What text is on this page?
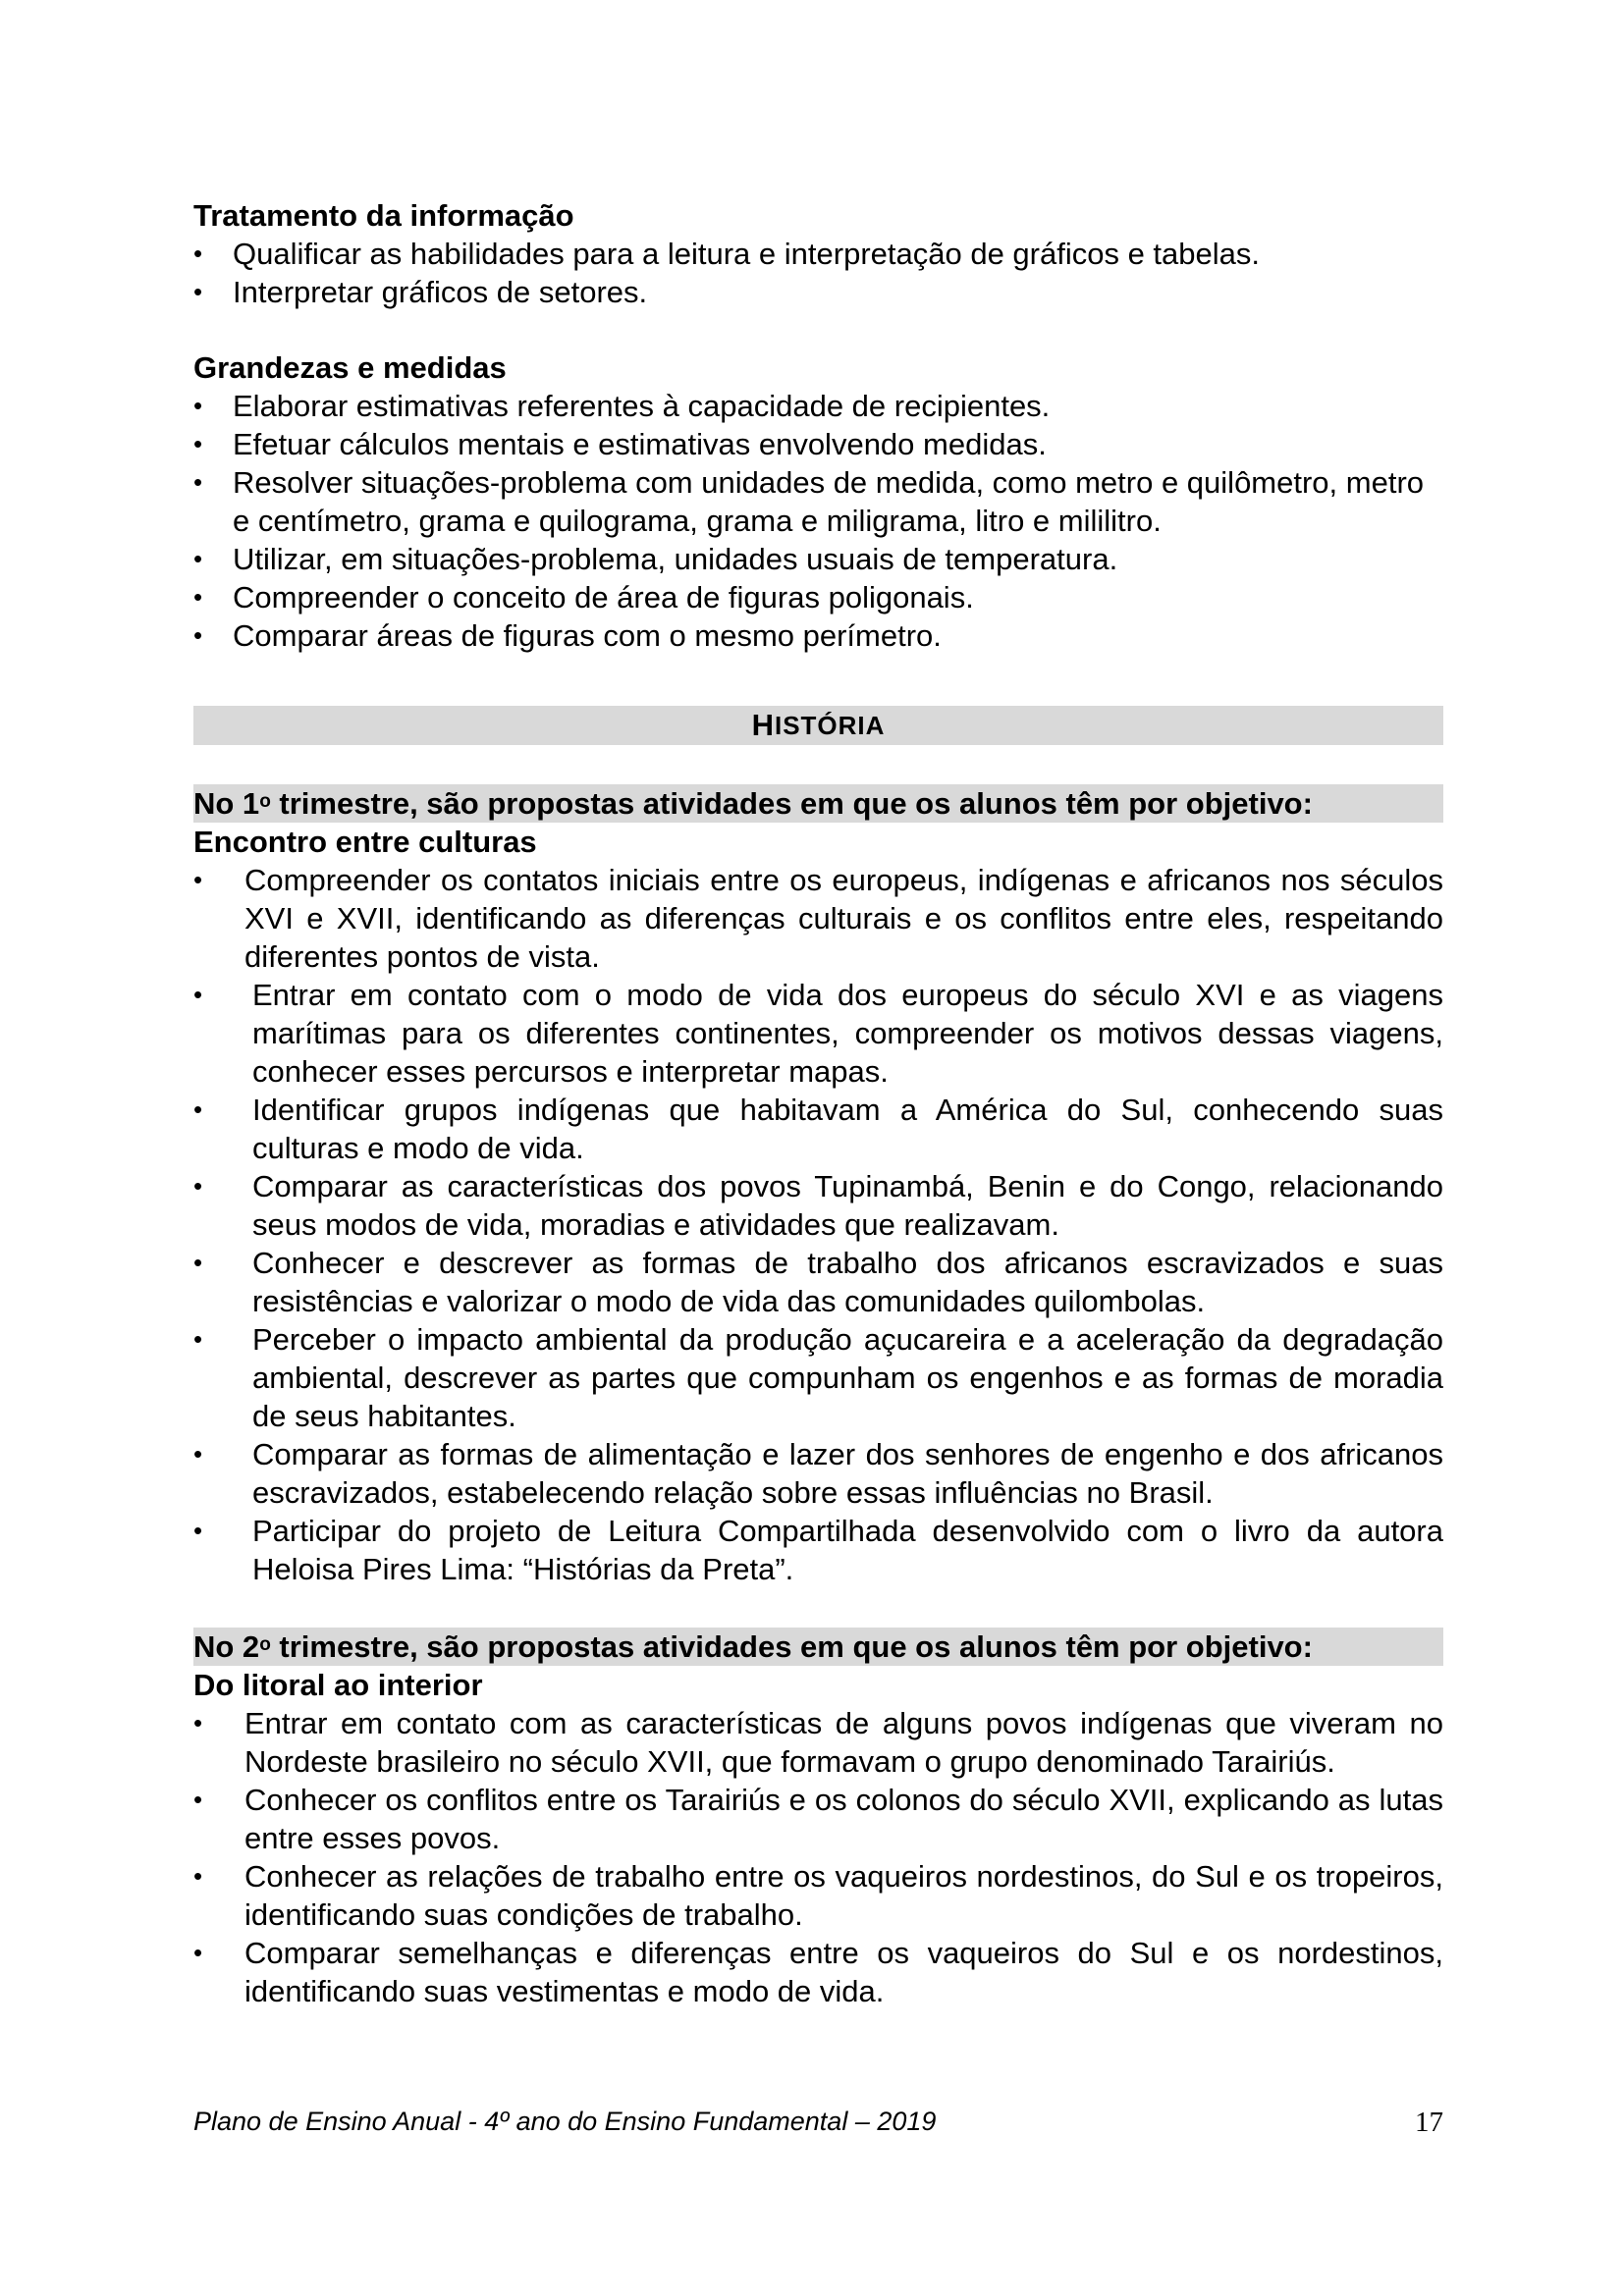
Tratamento da informação
• Qualificar as habilidades para a leitura e interpretação de gráficos e tabelas.
• Interpretar gráficos de setores.
Grandezas e medidas
• Elaborar estimativas referentes à capacidade de recipientes.
• Efetuar cálculos mentais e estimativas envolvendo medidas.
• Resolver situações-problema com unidades de medida, como metro e quilômetro, metro e centímetro, grama e quilograma, grama e miligrama, litro e mililitro.
• Utilizar, em situações-problema, unidades usuais de temperatura.
• Compreender o conceito de área de figuras poligonais.
• Comparar áreas de figuras com o mesmo perímetro.
H ISTÓRIA
No 1$^o$ trimestre, são propostas atividades em que os alunos têm por objetivo:
Encontro entre culturas
• Compreender os contatos iniciais entre os europeus, indígenas e africanos nos séculos XVI e XVII, identificando as diferenças culturais e os conflitos entre eles, respeitando diferentes pontos de vista.
• Entrar em contato com o modo de vida dos europeus do século XVI e as viagens marítimas para os diferentes continentes, compreender os motivos dessas viagens, conhecer esses percursos e interpretar mapas.
• Identificar grupos indígenas que habitavam a América do Sul, conhecendo suas culturas e modo de vida.
• Comparar as características dos povos Tupinambá, Benin e do Congo, relacionando seus modos de vida, moradias e atividades que realizavam.
• Conhecer e descrever as formas de trabalho dos africanos escravizados e suas resistências e valorizar o modo de vida das comunidades quilombolas.
• Perceber o impacto ambiental da produção açucareira e a aceleração da degradação ambiental, descrever as partes que compunham os engenhos e as formas de moradia de seus habitantes.
• Comparar as formas de alimentação e lazer dos senhores de engenho e dos africanos escravizados, estabelecendo relação sobre essas influências no Brasil.
• Participar do projeto de Leitura Compartilhada desenvolvido com o livro da autora Heloisa Pires Lima: “Histórias da Preta”.
No 2$^o$ trimestre, são propostas atividades em que os alunos têm por objetivo:
Do litoral ao interior
• Entrar em contato com as características de alguns povos indígenas que viveram no Nordeste brasileiro no século XVII, que formavam o grupo denominado Tarairiús.
• Conhecer os conflitos entre os Tarairiús e os colonos do século XVII, explicando as lutas entre esses povos.
• Conhecer as relações de trabalho entre os vaqueiros nordestinos, do Sul e os tropeiros, identificando suas condições de trabalho.
• Comparar semelhanças e diferenças entre os vaqueiros do Sul e os nordestinos, identificando suas vestimentas e modo de vida.
Plano de Ensino Anual - 4º ano do Ensino Fundamental – 2019	17
